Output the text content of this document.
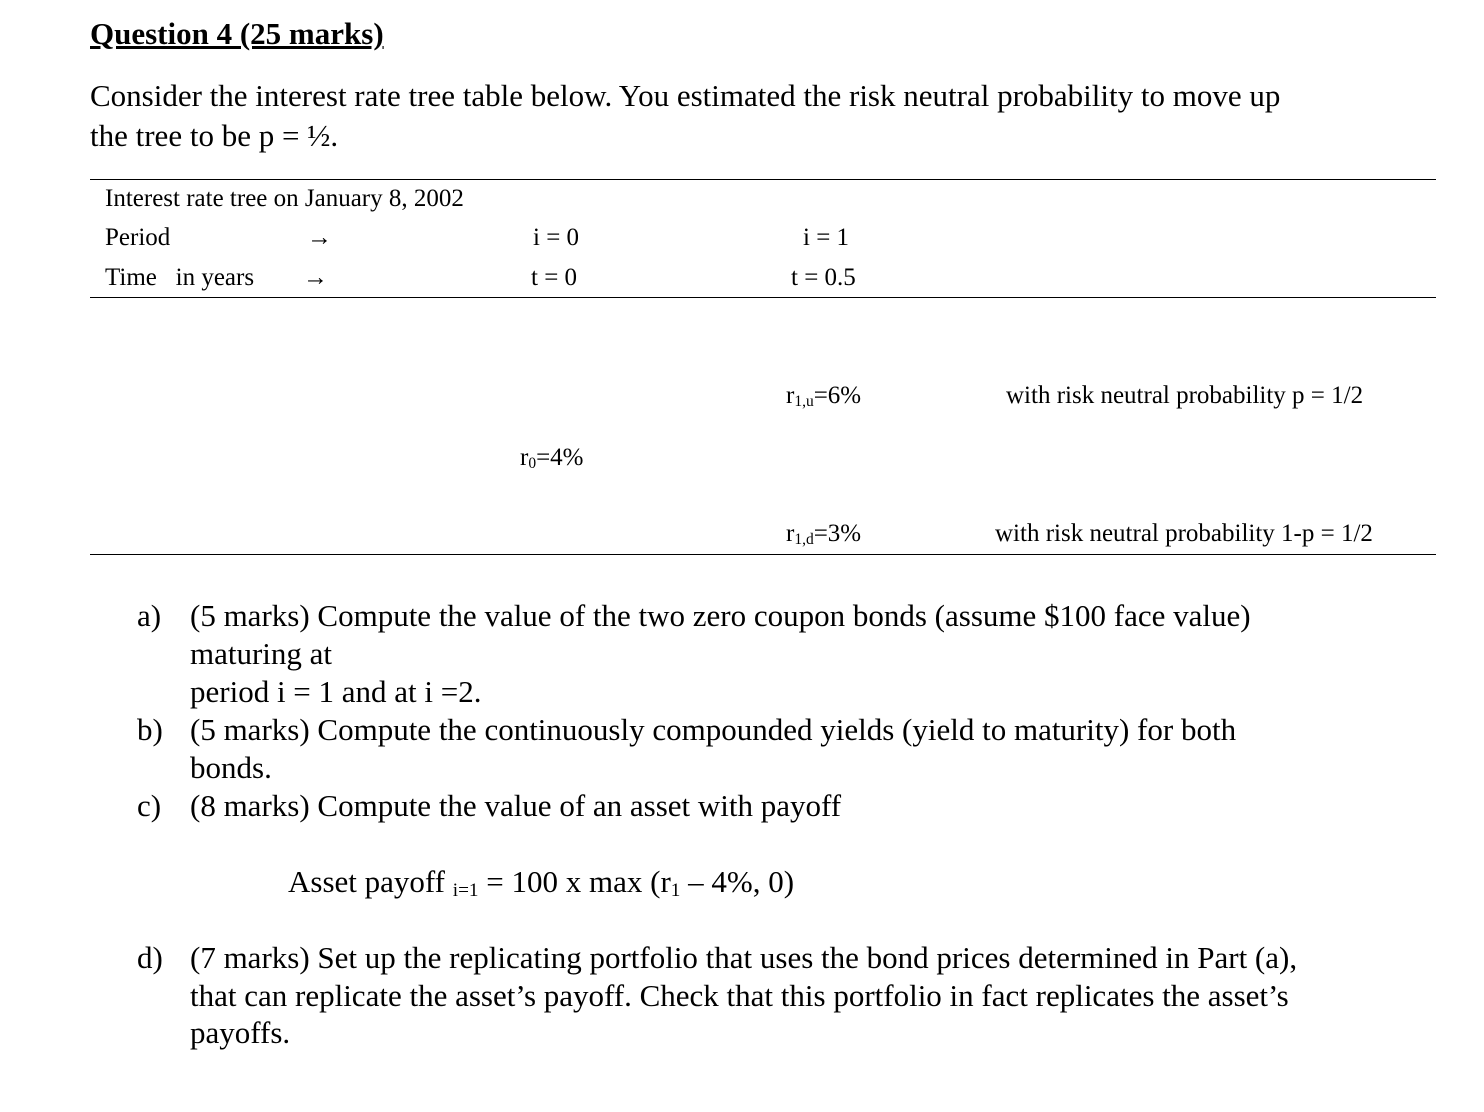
Question 4 (25 marks)
Consider the interest rate tree table below. You estimated the risk neutral probability to move up
the tree to be p = ½.
Interest rate tree on January 8, 2002
Period	→	i = 0	i = 1
Time   in years →	t = 0	t = 0.5
$r_{1,u}=6\%$	with risk neutral probability p = 1/2
$r_0=4\%$
$r_{1,d}=3\%$	with risk neutral probability 1-p = 1/2
a) (5 marks) Compute the value of the two zero coupon bonds (assume $100 face value)
maturing at
period i = 1 and at i =2.
b) (5 marks) Compute the continuously compounded yields (yield to maturity) for both
bonds.
c) (8 marks) Compute the value of an asset with payoff
Asset payoff $_{i=1}$ = 100 x $\max (r_1 - 4\%$, 0)
d) (7 marks) Set up the replicating portfolio that uses the bond prices determined in Part (a),
that can replicate the asset’s payoff. Check that this portfolio in fact replicates the asset’s
payoffs.
